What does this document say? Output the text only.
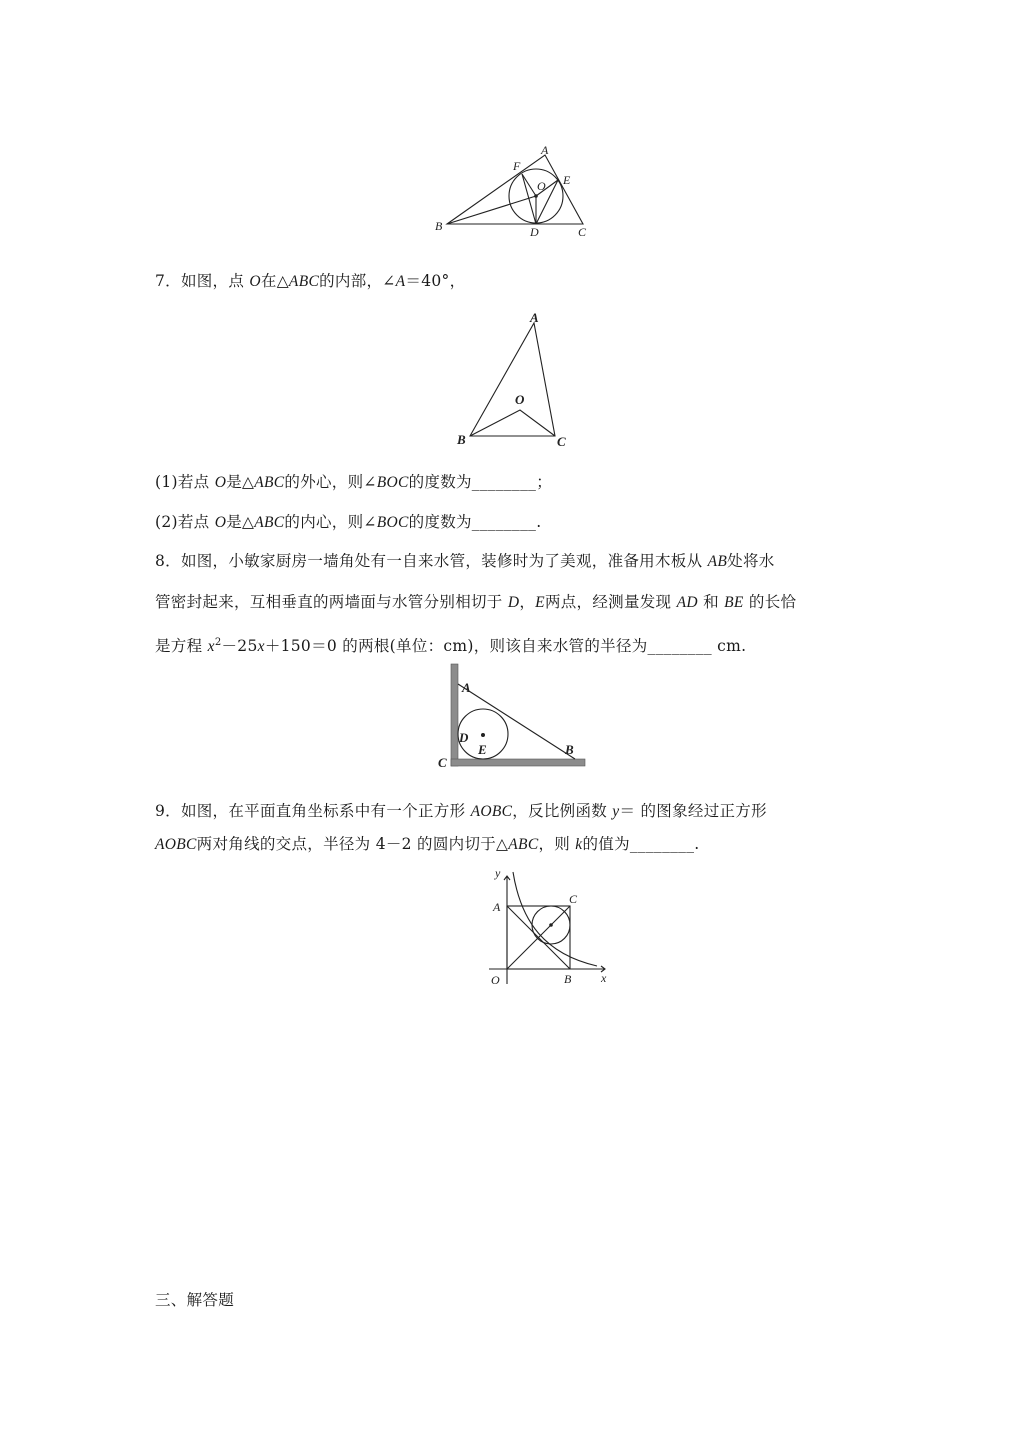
A
F
O E
B	D	C
7．如图，点 O在△ABC的内部，∠A＝40°，
A
O
B	C
(1)若点 O是△ABC的外心，则∠BOC的度数为________；
(2)若点 O是△ABC的内心，则∠BOC的度数为________.
8．如图，小敏家厨房一墙角处有一自来水管，装修时为了美观，准备用木板从 AB处将水
管密封起来，互相垂直的两墙面与水管分别相切于 D，E两点，经测量发现 AD 和 BE 的长恰
是方程 $x^2-25x+150=0$ 的两根(单位：cm)，则该自来水管的半径为________ cm.
A
D
E	B
C
9．如图，在平面直角坐标系中有一个正方形 AOBC，反比例函数 y＝ 的图象经过正方形
AOBC两对角线的交点，半径为 4－2 的圆内切于△ABC，则 k的值为________.
y
A
C
O	B x
三、解答题
